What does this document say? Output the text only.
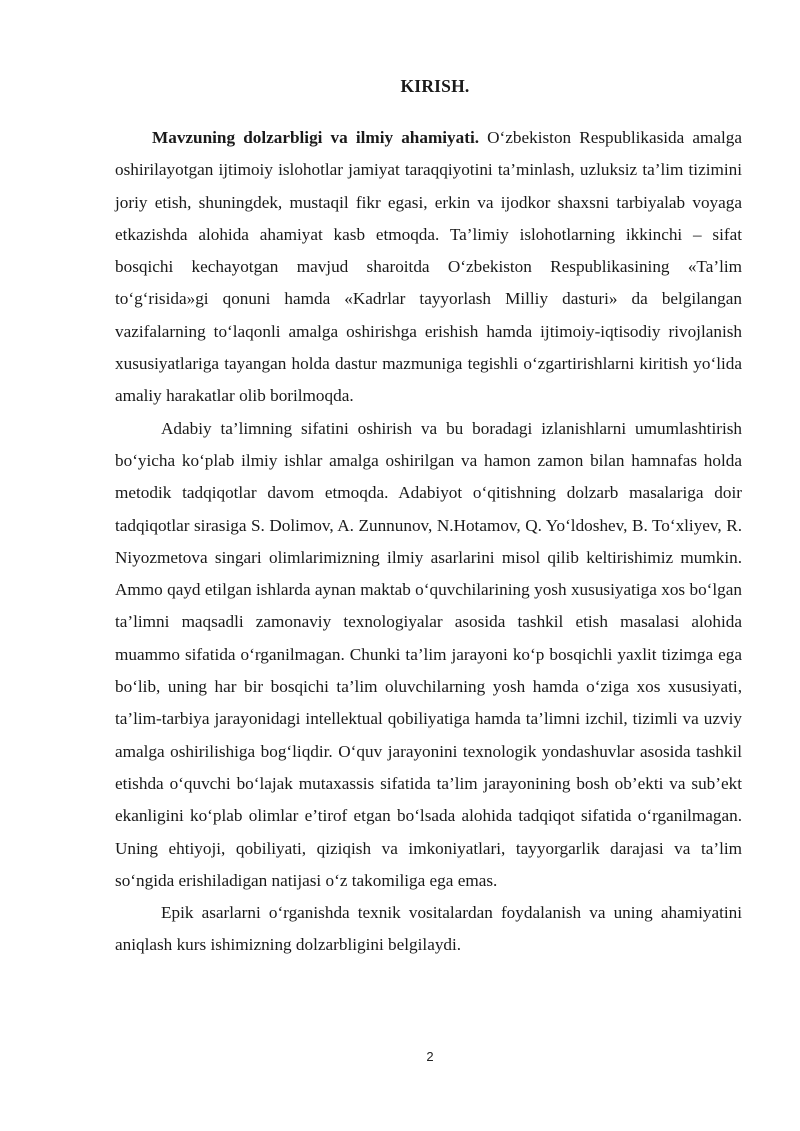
KIRISH.

Mavzuning dolzarbligi va ilmiy ahamiyati. O‘zbekiston Respublikasida amalga oshirilayotgan ijtimoiy islohotlar jamiyat taraqqiyotini ta’minlash, uzluksiz ta’lim tizimini joriy etish, shuningdek, mustaqil fikr egasi, erkin va ijodkor shaxsni tarbiyalab voyaga etkazishda alohida ahamiyat kasb etmoqda. Ta’limiy islohotlarning ikkinchi – sifat bosqichi kechayotgan mavjud sharoitda O‘zbekiston Respublikasining «Ta’lim to‘g‘risida»gi qonuni hamda «Kadrlar tayyorlash Milliy dasturi» da belgilangan vazifalarning to‘laqonli amalga oshirishga erishish hamda ijtimoiy-iqtisodiy rivojlanish xususiyatlariga tayangan holda dastur mazmuniga tegishli o‘zgartirishlarni kiritish yo‘lida amaliy harakatlar olib borilmoqda.

Adabiy ta’limning sifatini oshirish va bu boradagi izlanishlarni umumlashtirish bo‘yicha ko‘plab ilmiy ishlar amalga oshirilgan va hamon zamon bilan hamnafas holda metodik tadqiqotlar davom etmoqda. Adabiyot o‘qitishning dolzarb masalariga doir tadqiqotlar sirasiga S. Dolimov, A. Zunnunov, N.Hotamov, Q. Yo‘ldoshev, B. To‘xliyev, R. Niyozmetova singari olimlarimizning ilmiy asarlarini misol qilib keltirishimiz mumkin. Ammo qayd etilgan ishlarda aynan maktab o‘quvchilarining yosh xususiyatiga xos bo‘lgan ta’limni maqsadli zamonaviy texnologiyalar asosida tashkil etish masalasi alohida muammo sifatida o‘rganilmagan. Chunki ta’lim jarayoni ko‘p bosqichli yaxlit tizimga ega bo‘lib, uning har bir bosqichi ta’lim oluvchilarning yosh hamda o‘ziga xos xususiyati, ta’lim-tarbiya jarayonidagi intellektual qobiliyatiga hamda ta’limni izchil, tizimli va uzviy amalga oshirilishiga bog‘liqdir. O‘quv jarayonini texnologik yondashuvlar asosida tashkil etishda o‘quvchi bo‘lajak mutaxassis sifatida ta’lim jarayonining bosh ob’ekti va sub’ekt ekanligini ko‘plab olimlar e’tirof etgan bo‘lsada alohida tadqiqot sifatida o‘rganilmagan. Uning ehtiyoji, qobiliyati, qiziqish va imkoniyatlari, tayyorgarlik darajasi va ta’lim so‘ngida erishiladigan natijasi o‘z takomiliga ega emas.

Epik asarlarni o‘rganishda texnik vositalardan foydalanish va uning ahamiyatini aniqlash kurs ishimizning dolzarbligini belgilaydi.

2
